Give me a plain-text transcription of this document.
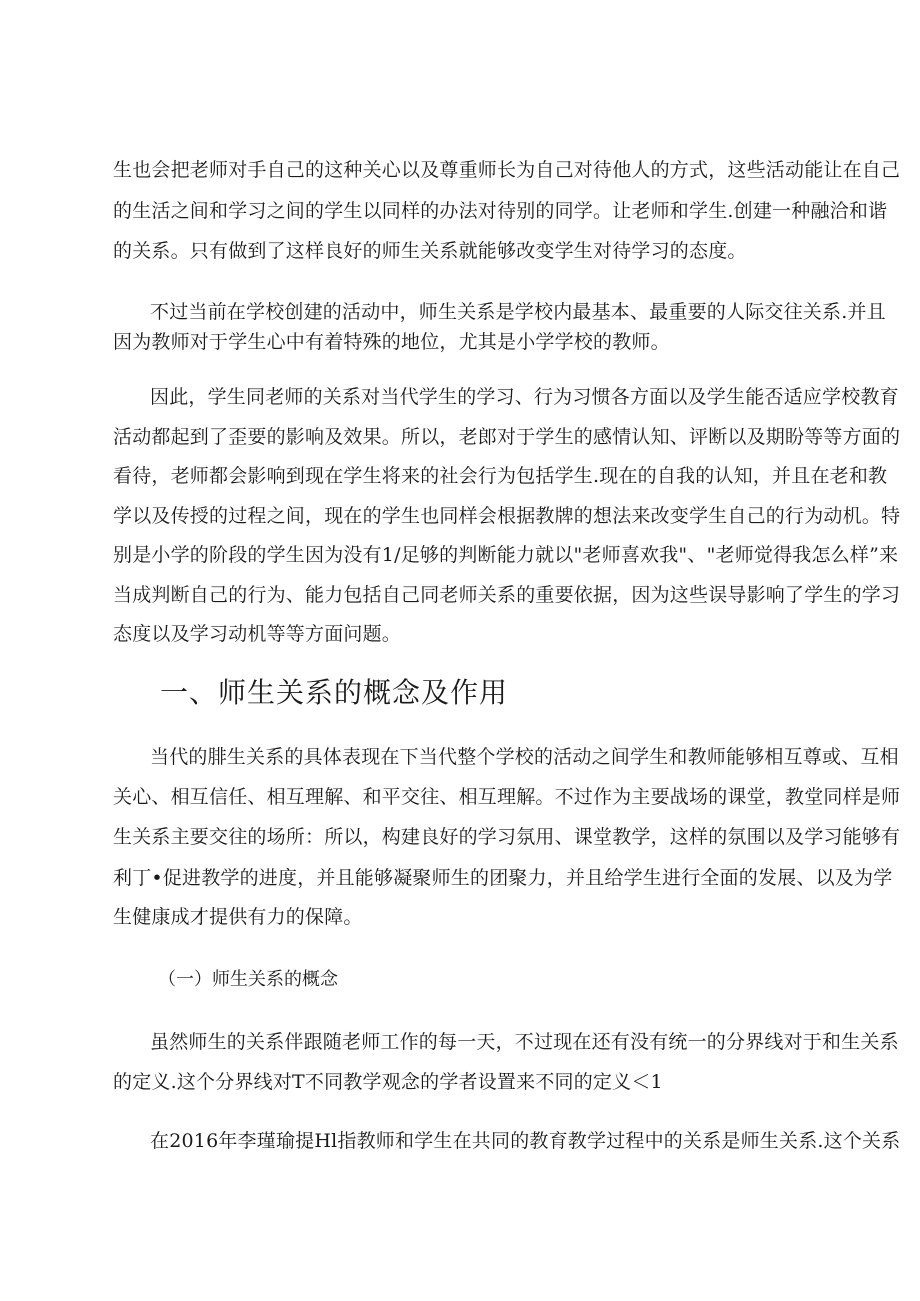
生也会把老师对手自己的这种关心以及尊重师长为自己对待他人的方式，这些活动能让在自己
的生活之间和学习之间的学生以同样的办法对待别的同学。让老师和学生.创建一种融洽和谐
的关系。只有做到了这样良好的师生关系就能够改变学生对待学习的态度。
不过当前在学校创建的活动中，师生关系是学校内最基本、最重要的人际交往关系.并且
因为教师对于学生心中有着特殊的地位，尤其是小学学校的教师。
因此，学生同老师的关系对当代学生的学习、行为习惯各方面以及学生能否适应学校教育
活动都起到了歪要的影响及效果。所以，老郎对于学生的感情认知、评断以及期盼等等方面的
看待，老师都会影响到现在学生将来的社会行为包括学生.现在的自我的认知，并且在老和教
学以及传授的过程之间，现在的学生也同样会根据教牌的想法来改变学生自己的行为动机。特
别是小学的阶段的学生因为没有1/足够的判断能力就以"老师喜欢我"、"老师觉得我怎么样”来
当成判断自己的行为、能力包括自己同老师关系的重要依据，因为这些误导影响了学生的学习
态度以及学习动机等等方面问题。
一、师生关系的概念及作用
当代的腓生关系的具体表现在下当代整个学校的活动之间学生和教师能够相互尊或、互相
关心、相互信任、相互理解、和平交往、相互理解。不过作为主要战场的课堂，教堂同样是师
生关系主要交往的场所：所以，构建良好的学习氛用、课堂教学，这样的氛围以及学习能够有
利丁•促进教学的进度，并且能够凝聚师生的团聚力，并且给学生进行全面的发展、以及为学
生健康成才提供有力的保障。
（一）师生关系的概念
虽然师生的关系伴跟随老师工作的每一天，不过现在还有没有统一的分界线对于和生关系
的定义.这个分界线对T不同教学观念的学者设置来不同的定义＜1
在2016年李瑾瑜提Hl指教师和学生在共同的教育教学过程中的关系是师生关系.这个关系
